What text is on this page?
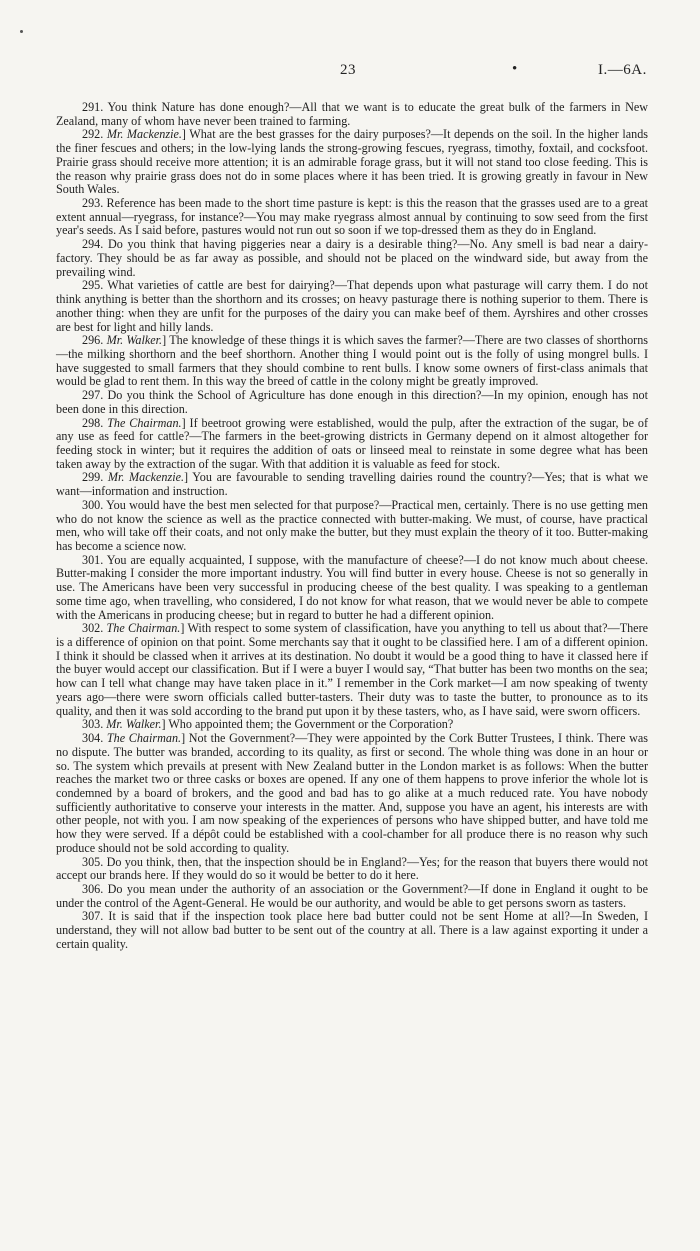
23	•	I.—6A.

291. You think Nature has done enough?—All that we want is to educate the great bulk of the farmers in New Zealand, many of whom have never been trained to farming.

292. Mr. Mackenzie.] What are the best grasses for the dairy purposes?—It depends on the soil. In the higher lands the finer fescues and others; in the low-lying lands the strong-growing fescues, ryegrass, timothy, foxtail, and cocksfoot. Prairie grass should receive more attention; it is an admirable forage grass, but it will not stand too close feeding. This is the reason why prairie grass does not do in some places where it has been tried. It is growing greatly in favour in New South Wales.

293. Reference has been made to the short time pasture is kept: is this the reason that the grasses used are to a great extent annual—ryegrass, for instance?—You may make ryegrass almost annual by continuing to sow seed from the first year's seeds. As I said before, pastures would not run out so soon if we top-dressed them as they do in England.

294. Do you think that having piggeries near a dairy is a desirable thing?—No. Any smell is bad near a dairy-factory. They should be as far away as possible, and should not be placed on the windward side, but away from the prevailing wind.

295. What varieties of cattle are best for dairying?—That depends upon what pasturage will carry them. I do not think anything is better than the shorthorn and its crosses; on heavy pasturage there is nothing superior to them. There is another thing: when they are unfit for the purposes of the dairy you can make beef of them. Ayrshires and other crosses are best for light and hilly lands.

296. Mr. Walker.] The knowledge of these things it is which saves the farmer?—There are two classes of shorthorns—the milking shorthorn and the beef shorthorn. Another thing I would point out is the folly of using mongrel bulls. I have suggested to small farmers that they should combine to rent bulls. I know some owners of first-class animals that would be glad to rent them. In this way the breed of cattle in the colony might be greatly improved.

297. Do you think the School of Agriculture has done enough in this direction?—In my opinion, enough has not been done in this direction.

298. The Chairman.] If beetroot growing were established, would the pulp, after the extraction of the sugar, be of any use as feed for cattle?—The farmers in the beet-growing districts in Germany depend on it almost altogether for feeding stock in winter; but it requires the addition of oats or linseed meal to reinstate in some degree what has been taken away by the extraction of the sugar. With that addition it is valuable as feed for stock.

299. Mr. Mackenzie.] You are favourable to sending travelling dairies round the country?—Yes; that is what we want—information and instruction.

300. You would have the best men selected for that purpose?—Practical men, certainly. There is no use getting men who do not know the science as well as the practice connected with butter-making. We must, of course, have practical men, who will take off their coats, and not only make the butter, but they must explain the theory of it too. Butter-making has become a science now.

301. You are equally acquainted, I suppose, with the manufacture of cheese?—I do not know much about cheese. Butter-making I consider the more important industry. You will find butter in every house. Cheese is not so generally in use. The Americans have been very successful in producing cheese of the best quality. I was speaking to a gentleman some time ago, when travelling, who considered, I do not know for what reason, that we would never be able to compete with the Americans in producing cheese; but in regard to butter he had a different opinion.

302. The Chairman.] With respect to some system of classification, have you anything to tell us about that?—There is a difference of opinion on that point. Some merchants say that it ought to be classified here. I am of a different opinion. I think it should be classed when it arrives at its destination. No doubt it would be a good thing to have it classed here if the buyer would accept our classification. But if I were a buyer I would say, “That butter has been two months on the sea; how can I tell what change may have taken place in it.” I remember in the Cork market—I am now speaking of twenty years ago—there were sworn officials called butter-tasters. Their duty was to taste the butter, to pronounce as to its quality, and then it was sold according to the brand put upon it by these tasters, who, as I have said, were sworn officers.

303. Mr. Walker.] Who appointed them; the Government or the Corporation?

304. The Chairman.] Not the Government?—They were appointed by the Cork Butter Trustees, I think. There was no dispute. The butter was branded, according to its quality, as first or second. The whole thing was done in an hour or so. The system which prevails at present with New Zealand butter in the London market is as follows: When the butter reaches the market two or three casks or boxes are opened. If any one of them happens to prove inferior the whole lot is condemned by a board of brokers, and the good and bad has to go alike at a much reduced rate. You have nobody sufficiently authoritative to conserve your interests in the matter. And, suppose you have an agent, his interests are with other people, not with you. I am now speaking of the experiences of persons who have shipped butter, and have told me how they were served. If a dépôt could be established with a cool-chamber for all produce there is no reason why such produce should not be sold according to quality.

305. Do you think, then, that the inspection should be in England?—Yes; for the reason that buyers there would not accept our brands here. If they would do so it would be better to do it here.

306. Do you mean under the authority of an association or the Government?—If done in England it ought to be under the control of the Agent-General. He would be our authority, and would be able to get persons sworn as tasters.

307. It is said that if the inspection took place here bad butter could not be sent Home at all?—In Sweden, I understand, they will not allow bad butter to be sent out of the country at all. There is a law against exporting it under a certain quality.
